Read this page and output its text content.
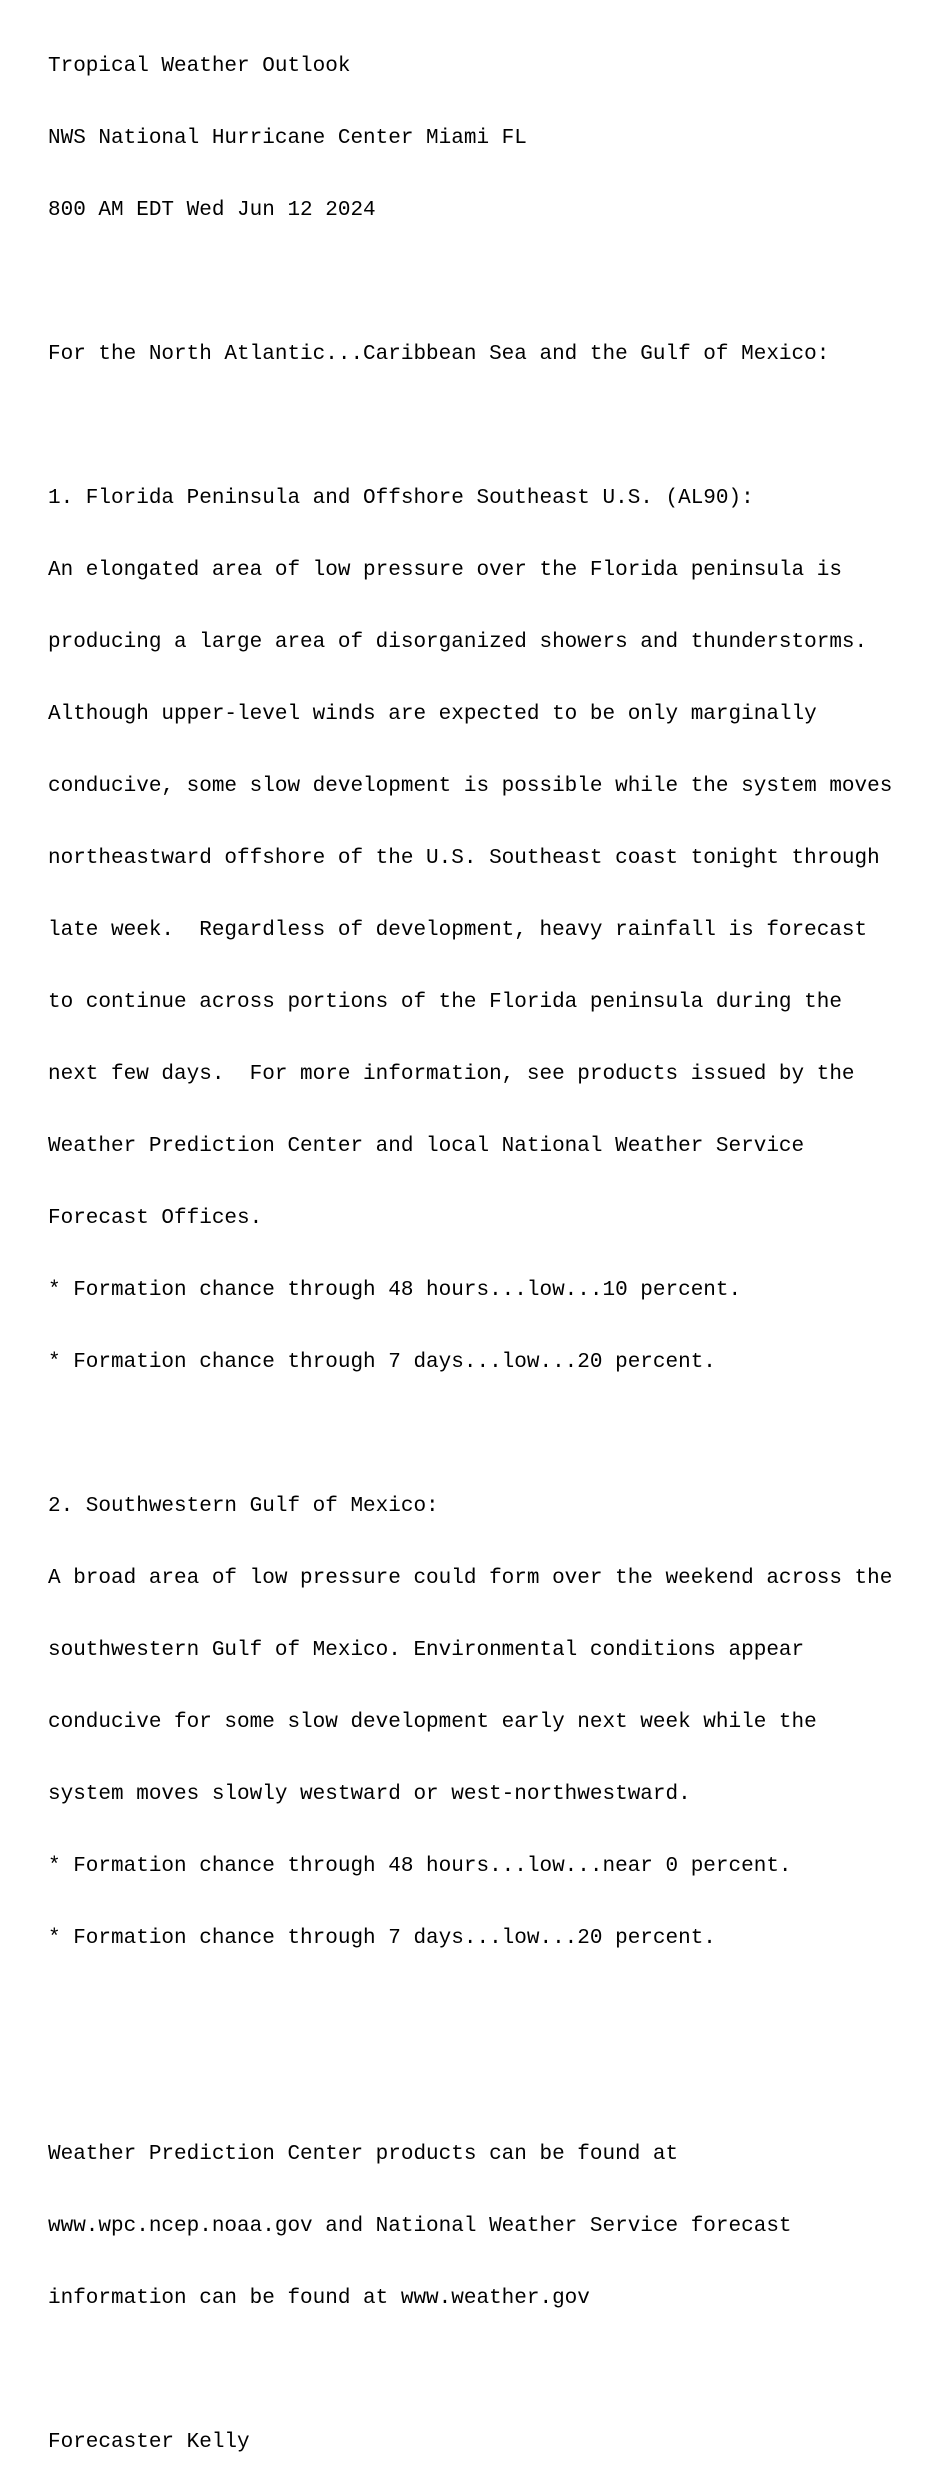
Tropical Weather Outlook

NWS National Hurricane Center Miami FL

800 AM EDT Wed Jun 12 2024

For the North Atlantic...Caribbean Sea and the Gulf of Mexico:

1. Florida Peninsula and Offshore Southeast U.S. (AL90):

An elongated area of low pressure over the Florida peninsula is

producing a large area of disorganized showers and thunderstorms.

Although upper-level winds are expected to be only marginally

conducive, some slow development is possible while the system moves

northeastward offshore of the U.S. Southeast coast tonight through

late week.  Regardless of development, heavy rainfall is forecast

to continue across portions of the Florida peninsula during the

next few days.  For more information, see products issued by the

Weather Prediction Center and local National Weather Service

Forecast Offices.

* Formation chance through 48 hours...low...10 percent.

* Formation chance through 7 days...low...20 percent.

2. Southwestern Gulf of Mexico:

A broad area of low pressure could form over the weekend across the

southwestern Gulf of Mexico. Environmental conditions appear

conducive for some slow development early next week while the

system moves slowly westward or west-northwestward.

* Formation chance through 48 hours...low...near 0 percent.

* Formation chance through 7 days...low...20 percent.

Weather Prediction Center products can be found at

www.wpc.ncep.noaa.gov and National Weather Service forecast

information can be found at www.weather.gov

Forecaster Kelly
